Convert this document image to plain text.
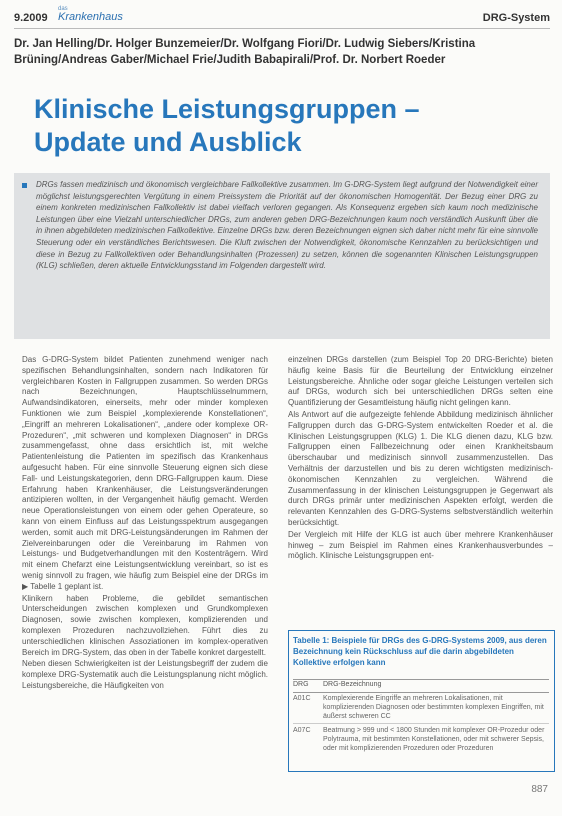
9.2009
das
Krankenhaus	DRG-System
Dr. Jan Helling/Dr. Holger Bunzemeier/Dr. Wolfgang Fiori/Dr. Ludwig Siebers/Kristina Brüning/Andreas Gaber/Michael Frie/Judith Babapirali/Prof. Dr. Norbert Roeder
Klinische Leistungsgruppen –
Update und Ausblick
DRGs fassen medizinisch und ökonomisch vergleichbare Fallkollektive zusammen. Im G-DRG-System liegt aufgrund der Notwendigkeit einer möglichst leistungsgerechten Vergütung in einem Preissystem die Priorität auf der ökonomischen Homogenität. Der Bezug einer DRG zu einem konkreten medizinischen Fallkollektiv ist dabei vielfach verloren gegangen. Als Konsequenz ergeben sich kaum noch medizinische Leistungen über eine Vielzahl unterschiedlicher DRGs, zum anderen geben DRG-Bezeichnungen kaum noch verständlich Auskunft über die in ihnen abgebildeten medizinischen Fallkollektive. Einzelne DRGs bzw. deren Bezeichnungen eignen sich daher nicht mehr für eine sinnvolle Steuerung oder ein verständliches Berichtswesen. Die Kluft zwischen der Notwendigkeit, ökonomische Kennzahlen zu berücksichtigen und diese in Bezug zu Fallkollektiven oder Behandlungsinhalten (Prozessen) zu setzen, können die sogenannten Klinischen Leistungsgruppen (KLG) schließen, deren aktuelle Entwicklungsstand im Folgenden dargestellt wird.

Das G-DRG-System bildet Patienten zunehmend weniger nach spezifischen Behandlungsinhalten, sondern nach Indikatoren für vergleichbaren Kosten in Fallgruppen zusammen. So werden DRGs nach Bezeichnungen, Hauptschlüsselnummern, Aufwandsindikatoren, einerseits, mehr oder minder komplexen Funktionen wie zum Beispiel „komplexierende Konstellationen“, „Eingriff an mehreren Lokalisationen“, „andere oder komplexe OR-Prozeduren“, „mit schweren und komplexen Diagnosen“ in DRGs zusammengefasst, ohne dass ersichtlich ist, mit welche Patientenleistung die Patienten im spezifisch das Krankenhaus aufgesucht haben. Für eine sinnvolle Steuerung eignen sich diese Fall- und Leistungskategorien, denn DRG-Fallgruppen kaum. Diese Erfahrung haben Krankenhäuser, die Leistungsveränderungen antizipieren wollten, in der Vergangenheit häufig gemacht. Werden neue Operationsleistungen von einem oder gehen Operateure, so kann von einem Einfluss auf das Leistungsspektrum ausgegangen werden, somit auch mit DRG-Leistungsänderungen im Rahmen der Zielvereinbarungen oder die Vereinbarung im Rahmen von Leistungs- und Budgetverhandlungen mit den Kostenträgern. Wird mit einem Chefarzt eine Leistungsentwicklung vereinbart, so ist es wenig sinnvoll zu fragen, wie häufig zum Beispiel eine der DRGs im ▶ Tabelle 1 geplant ist.

Klinikern haben Probleme, die gebildet semantischen Unterscheidungen zwischen komplexen und Grundkomplexen Diagnosen, sowie zwischen komplexen, komplizierenden und komplexen Prozeduren nachzuvollziehen. Führt dies zu unterschiedlichen klinischen Assoziationen im komplex-operativen Bereich im DRG-System, das oben in der Tabelle konkret dargestellt.

Neben diesen Schwierigkeiten ist der Leistungsbegriff der zudem die komplexe DRG-Systematik auch die Leistungsplanung nicht möglich. Leistungsbereiche, die Häufigkeiten von

einzelnen DRGs darstellen (zum Beispiel Top 20 DRG-Berichte) bieten häufig keine Basis für die Beurteilung der Entwicklung einzelner Leistungsbereiche. Ähnliche oder sogar gleiche Leistungen verteilen sich auf DRGs, wodurch sich bei unterschiedlichen DRGs selten eine Quantifizierung der Gesamtleistung häufig nicht gelingen kann.

Als Antwort auf die aufgezeigte fehlende Abbildung medizinisch ähnlicher Fallgruppen durch das G-DRG-System entwickelten Roeder et al. die Klinischen Leistungsgruppen (KLG) 1. Die KLG dienen dazu, KLG bzw. Fallgruppen einen Fallbezeichnung oder einen Krankheitsbaum überschaubar und medizinisch sinnvoll zusammenzustellen. Das Verhältnis der darzustellen und bis zu deren wichtigsten medizinisch-ökonomischen Kennzahlen zu vergleichen. Während die Zusammenfassung in der klinischen Leistungsgruppen je Gegenwart als durch DRGs primär unter medizinischen Aspekten erfolgt, werden die relevanten Kennzahlen des G-DRG-Systems selbstverständlich weiterhin berücksichtigt.

Der Vergleich mit Hilfe der KLG ist auch über mehrere Krankenhäuser hinweg – zum Beispiel im Rahmen eines Krankenhausverbundes – möglich. Klinische Leistungsgruppen ent-

Tabelle 1: Beispiele für DRGs des G-DRG-Systems 2009, aus deren Bezeichnung kein Rückschluss auf die darin abgebildeten Kollektive erfolgen kann
DRG DRG-Bezeichnung
A01C	Komplexierende Eingriffe an mehreren Lokalisationen, mit komplizierenden Diagnosen oder bestimmten komplexen Eingriffen, mit äußerst schweren CC
A07C	Beatmung > 999 und < 1800 Stunden mit komplexer OR-Prozedur oder Polytrauma, mit bestimmten Konstellationen, oder mit schwerer Sepsis, oder mit komplizierenden Prozeduren oder Prozeduren
887
